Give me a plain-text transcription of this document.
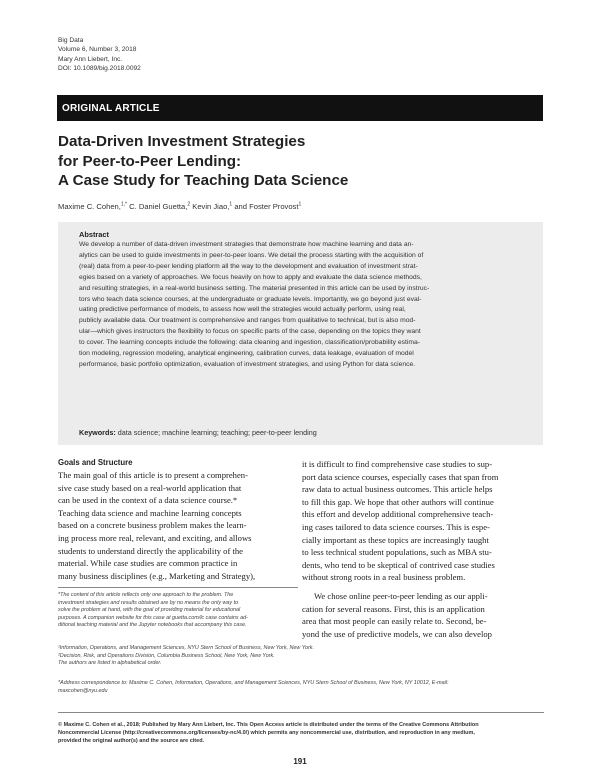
Big Data
Volume 6, Number 3, 2018
Mary Ann Liebert, Inc.
DOI: 10.1089/big.2018.0092
ORIGINAL ARTICLE
Data-Driven Investment Strategies
for Peer-to-Peer Lending:
A Case Study for Teaching Data Science
Maxime C. Cohen,$^{1,*}$ C. Daniel Guetta,$^2$ Kevin Jiao,$^1$ and Foster Provost$^1$
Abstract
We develop a number of data-driven investment strategies that demonstrate how machine learning and data an-
alytics can be used to guide investments in peer-to-peer loans. We detail the process starting with the acquisition of
(real) data from a peer-to-peer lending platform all the way to the development and evaluation of investment strat-
egies based on a variety of approaches. We focus heavily on how to apply and evaluate the data science methods,
and resulting strategies, in a real-world business setting. The material presented in this article can be used by instruc-
tors who teach data science courses, at the undergraduate or graduate levels. Importantly, we go beyond just eval-
uating predictive performance of models, to assess how well the strategies would actually perform, using real,
publicly available data. Our treatment is comprehensive and ranges from qualitative to technical, but is also mod-
ular—which gives instructors the flexibility to focus on specific parts of the case, depending on the topics they want
to cover. The learning concepts include the following: data cleaning and ingestion, classification/probability estima-
tion modeling, regression modeling, analytical engineering, calibration curves, data leakage, evaluation of model
performance, basic portfolio optimization, evaluation of investment strategies, and using Python for data science.
Keywords: data science; machine learning; teaching; peer-to-peer lending
Goals and Structure
The main goal of this article is to present a comprehen-
sive case study based on a real-world application that
can be used in the context of a data science course.*
Teaching data science and machine learning concepts
based on a concrete business problem makes the learn-
ing process more real, relevant, and exciting, and allows
students to understand directly the applicability of the
material. While case studies are common practice in
many business disciplines (e.g., Marketing and Strategy),
it is difficult to find comprehensive case studies to sup-
port data science courses, especially cases that span from
raw data to actual business outcomes. This article helps
to fill this gap. We hope that other authors will continue
this effort and develop additional comprehensive teach-
ing cases tailored to data science courses. This is espe-
cially important as these topics are increasingly taught
to less technical student populations, such as MBA stu-
dents, who tend to be skeptical of contrived case studies
without strong roots in a real business problem.
We chose online peer-to-peer lending as our appli-
cation for several reasons. First, this is an application
area that most people can easily relate to. Second, be-
yond the use of predictive models, we can also develop
*The content of this article reflects only one approach to the problem. The
investment strategies and results obtained are by no means the only way to
solve the problem at hand, with the goal of providing material for educational
purposes. A companion website for this case at guetta.com/lc case contains ad-
ditional teaching material and the Jupyter notebooks that accompany this case.
¹Information, Operations, and Management Sciences, NYU Stern School of Business, New York, New York.
²Decision, Risk, and Operations Division, Columbia Business School, New York, New York.
The authors are listed in alphabetical order.
*Address correspondence to: Maxime C. Cohen, Information, Operations, and Management Sciences, NYU Stern School of Business, New York, NY 10012, E-mail:
maxcohen@nyu.edu
© Maxime C. Cohen et al., 2018; Published by Mary Ann Liebert, Inc. This Open Access article is distributed under the terms of the Creative Commons Attribution
Noncommercial License (http://creativecommons.org/licenses/by-nc/4.0/) which permits any noncommercial use, distribution, and reproduction in any medium,
provided the original author(s) and the source are cited.
191
